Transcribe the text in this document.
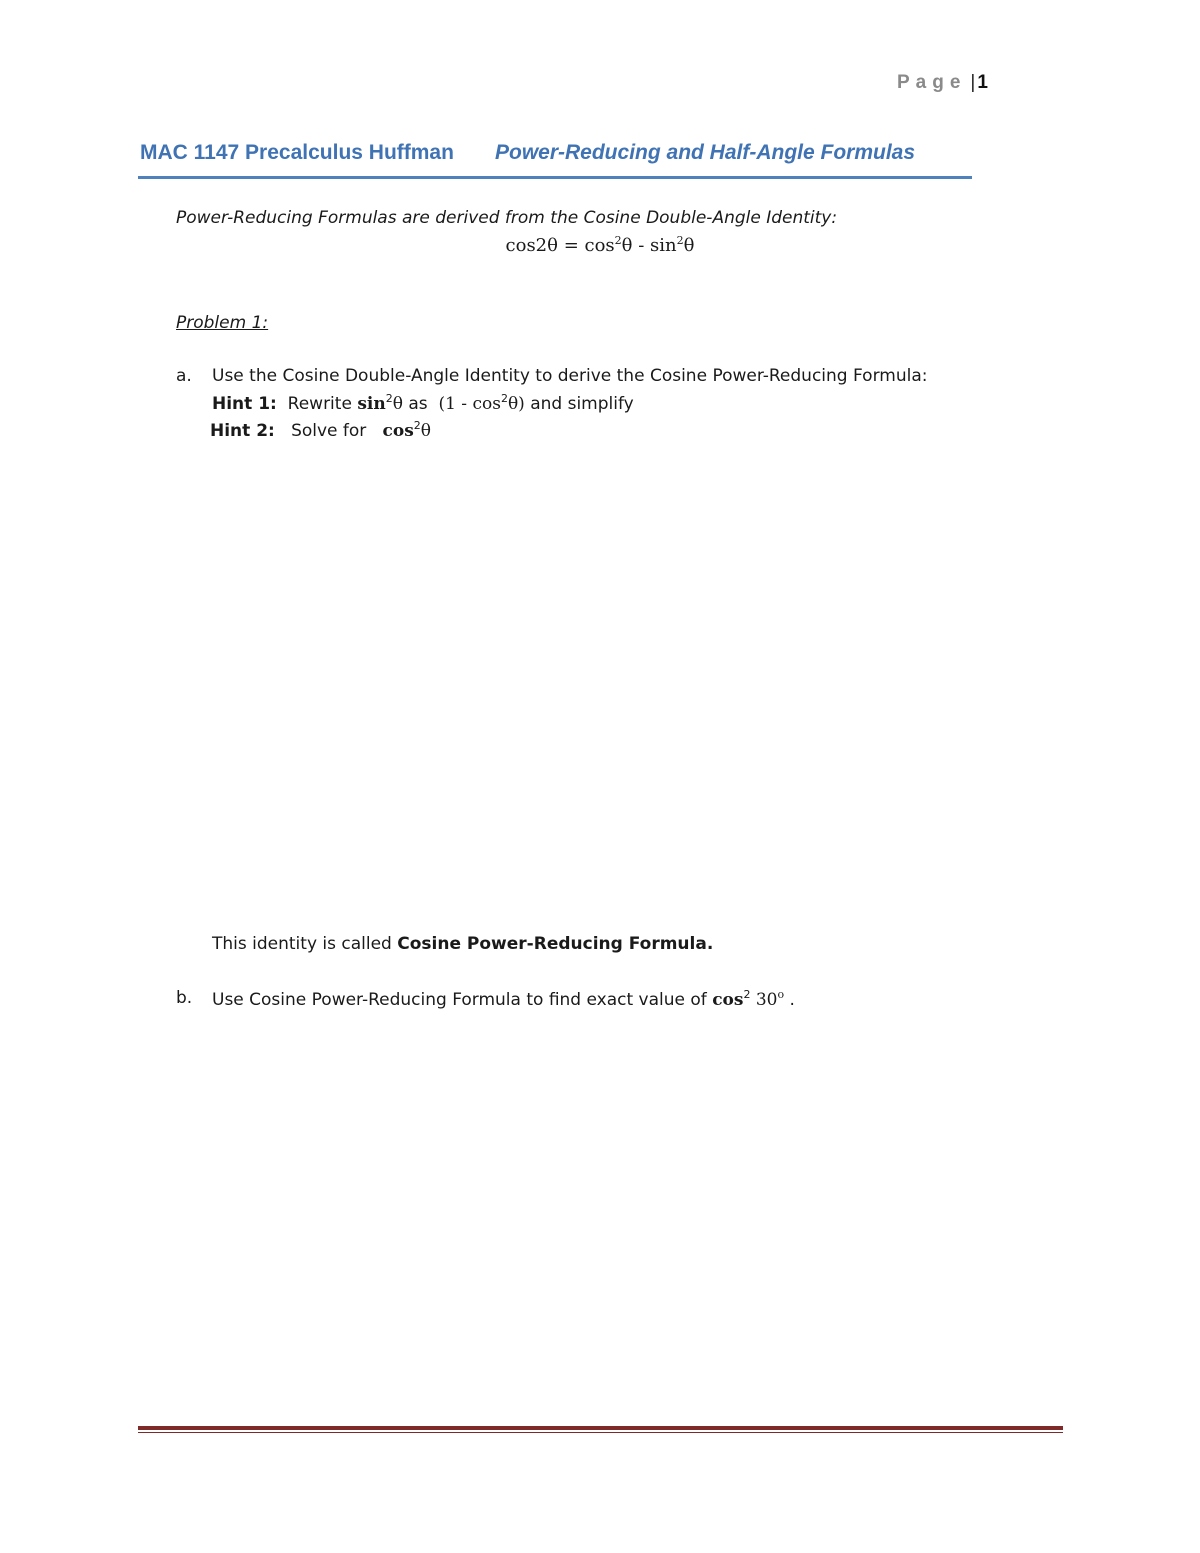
Page | 1
MAC 1147 Precalculus Huffman Power-Reducing and Half-Angle Formulas
Power-Reducing Formulas are derived from the Cosine Double-Angle Identity:
$\cos 2\theta = \cos^2\theta - \sin^2\theta$
Problem 1:
a. Use the Cosine Double-Angle Identity to derive the Cosine Power-Reducing Formula:
Hint 1: Rewrite $\sin^2\theta$ as $(1 - \cos^2\theta)$ and simplify
Hint 2: Solve for $\cos^2\theta$
This identity is called Cosine Power-Reducing Formula.
b. Use Cosine Power-Reducing Formula to find exact value of $\cos^2 30^o$ .
